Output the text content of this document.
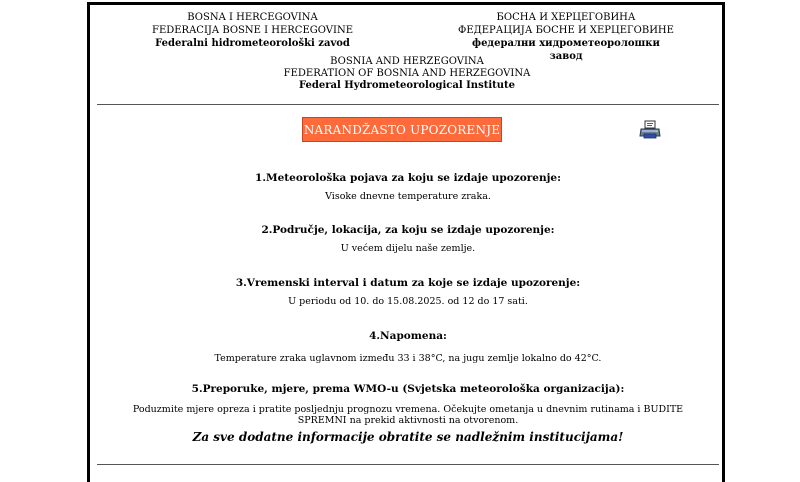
BOSNA I HERCEGOVINA
FEDERACIJA BOSNE I HERCEGOVINE
Federalni hidrometeorološki zavod
БОСНА И ХЕРЦЕГОВИНА
ФЕДЕРАЦИЈА БОСНЕ И ХЕРЦЕГОВИНЕ
федерални хидрометеоролошки завод
BOSNIA AND HERZEGOVINA
FEDERATION OF BOSNIA AND HERZEGOVINA
Federal Hydrometeorological Institute
NARANDŽASTO UPOZORENJE
1.Meteorološka pojava za koju se izdaje upozorenje:
Visoke dnevne temperature zraka.
2.Područje, lokacija, za koju se izdaje upozorenje:
U većem dijelu naše zemlje.
3.Vremenski interval i datum za koje se izdaje upozorenje:
U periodu od 10. do 15.08.2025. od 12 do 17 sati.
4.Napomena:
Temperature zraka uglavnom između 33 i 38°C, na jugu zemlje lokalno do 42°C.
5.Preporuke, mjere, prema WMO-u (Svjetska meteorološka organizacija):
Poduzmite mjere opreza i pratite posljednju prognozu vremena. Očekujte ometanja u dnevnim rutinama i BUDITE SPREMNI na prekid aktivnosti na otvorenom.
Za sve dodatne informacije obratite se nadležnim institucijama!
